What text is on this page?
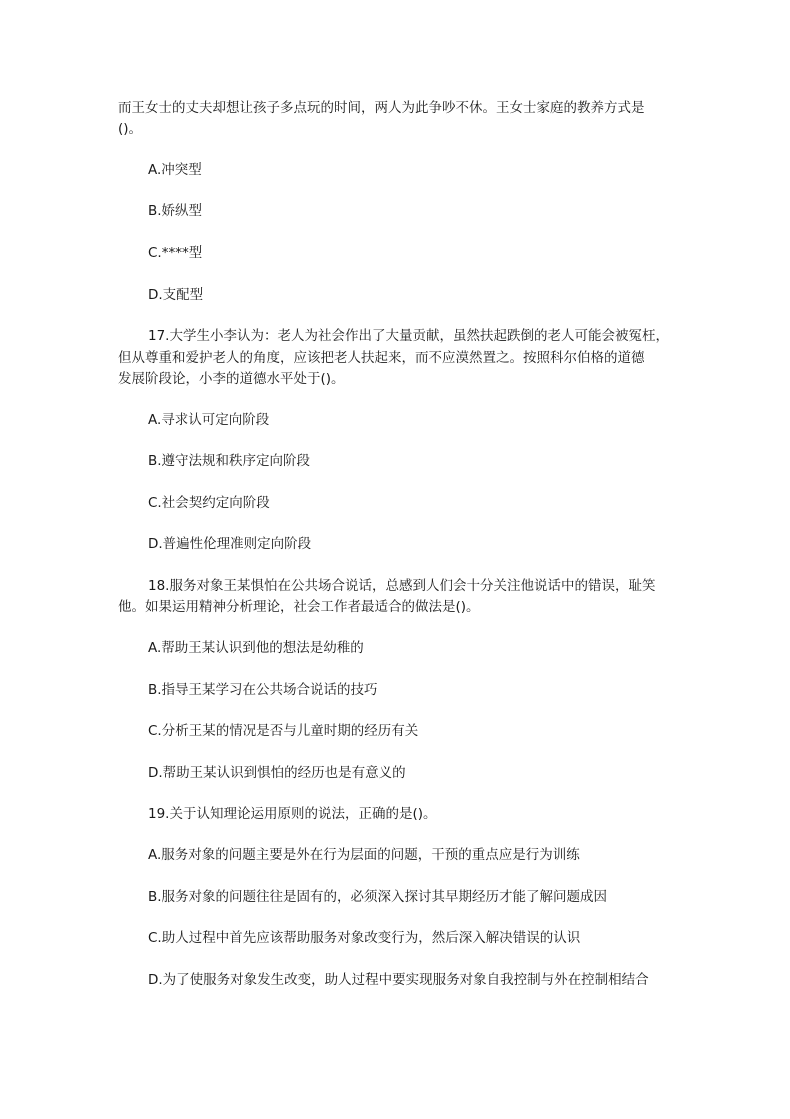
而王女士的丈夫却想让孩子多点玩的时间，两人为此争吵不休。王女士家庭的教养方式是
()。
A.冲突型
B.娇纵型
C.****型
D.支配型
17.大学生小李认为：老人为社会作出了大量贡献，虽然扶起跌倒的老人可能会被冤枉，
但从尊重和爱护老人的角度，应该把老人扶起来，而不应漠然置之。按照科尔伯格的道德
发展阶段论，小李的道德水平处于()。
A.寻求认可定向阶段
B.遵守法规和秩序定向阶段
C.社会契约定向阶段
D.普遍性伦理准则定向阶段
18.服务对象王某惧怕在公共场合说话，总感到人们会十分关注他说话中的错误，耻笑
他。如果运用精神分析理论，社会工作者最适合的做法是()。
A.帮助王某认识到他的想法是幼稚的
B.指导王某学习在公共场合说话的技巧
C.分析王某的情况是否与儿童时期的经历有关
D.帮助王某认识到惧怕的经历也是有意义的
19.关于认知理论运用原则的说法，正确的是()。
A.服务对象的问题主要是外在行为层面的问题，干预的重点应是行为训练
B.服务对象的问题往往是固有的，必须深入探讨其早期经历才能了解问题成因
C.助人过程中首先应该帮助服务对象改变行为，然后深入解决错误的认识
D.为了使服务对象发生改变，助人过程中要实现服务对象自我控制与外在控制相结合
